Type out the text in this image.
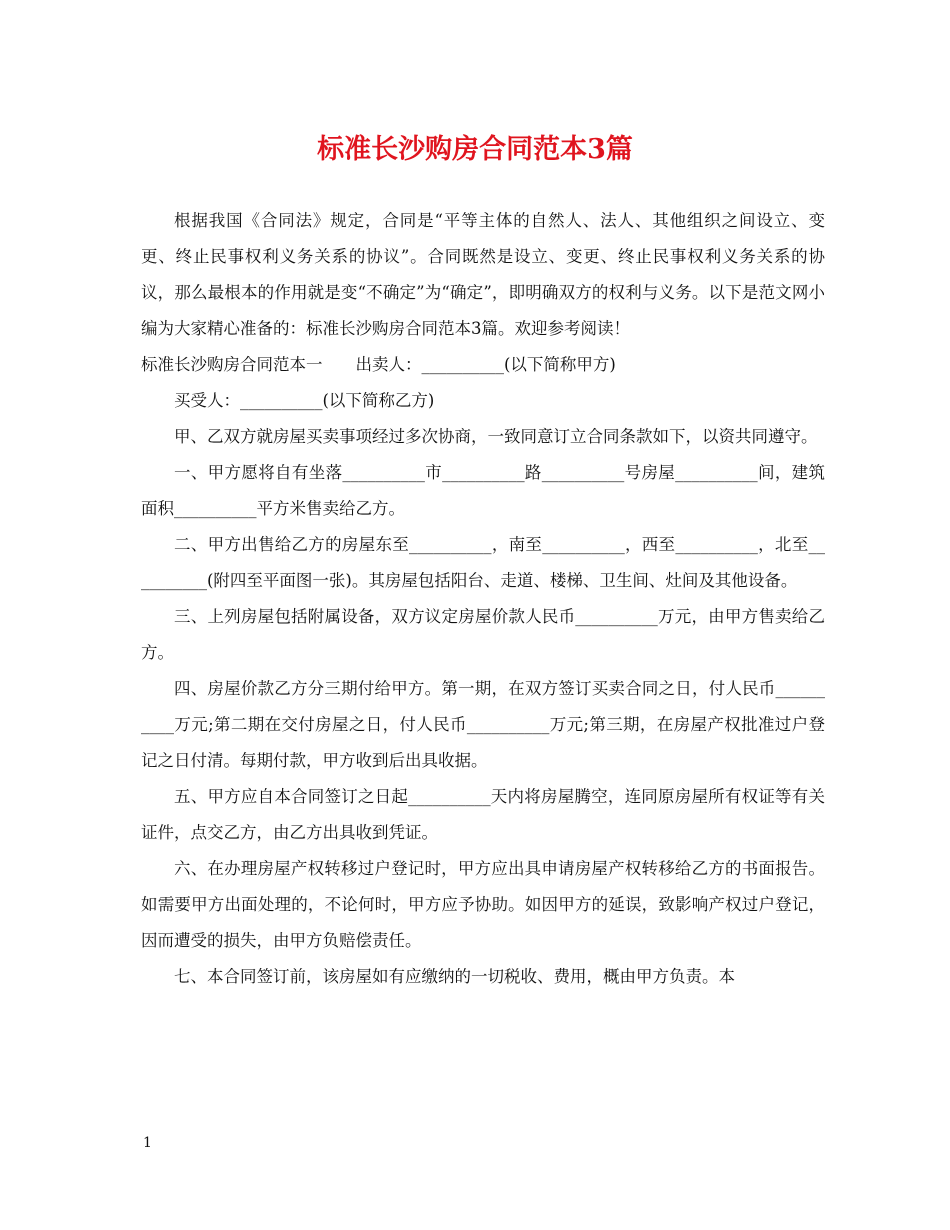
标准长沙购房合同范本3篇

根据我国《合同法》规定，合同是“平等主体的自然人、法人、其他组织之间设立、变更、终止民事权利义务关系的协议”。合同既然是设立、变更、终止民事权利义务关系的协议，那么最根本的作用就是变“不确定”为“确定”，即明确双方的权利与义务。以下是范文网小编为大家精心准备的：标准长沙购房合同范本3篇。欢迎参考阅读！

标准长沙购房合同范本一　　出卖人：__________(以下简称甲方)

买受人：__________(以下简称乙方)

甲、乙双方就房屋买卖事项经过多次协商，一致同意订立合同条款如下，以资共同遵守。

一、甲方愿将自有坐落__________市__________路__________号房屋__________间，建筑面积__________平方米售卖给乙方。

二、甲方出售给乙方的房屋东至__________，南至__________，西至__________，北至__________(附四至平面图一张)。其房屋包括阳台、走道、楼梯、卫生间、灶间及其他设备。

三、上列房屋包括附属设备，双方议定房屋价款人民币__________万元，由甲方售卖给乙方。

四、房屋价款乙方分三期付给甲方。第一期，在双方签订买卖合同之日，付人民币__________万元;第二期在交付房屋之日，付人民币__________万元;第三期，在房屋产权批准过户登记之日付清。每期付款，甲方收到后出具收据。

五、甲方应自本合同签订之日起__________天内将房屋腾空，连同原房屋所有权证等有关证件，点交乙方，由乙方出具收到凭证。

六、在办理房屋产权转移过户登记时，甲方应出具申请房屋产权转移给乙方的书面报告。如需要甲方出面处理的，不论何时，甲方应予协助。如因甲方的延误，致影响产权过户登记，因而遭受的损失，由甲方负赔偿责任。

七、本合同签订前，该房屋如有应缴纳的一切税收、费用，概由甲方负责。本

1
